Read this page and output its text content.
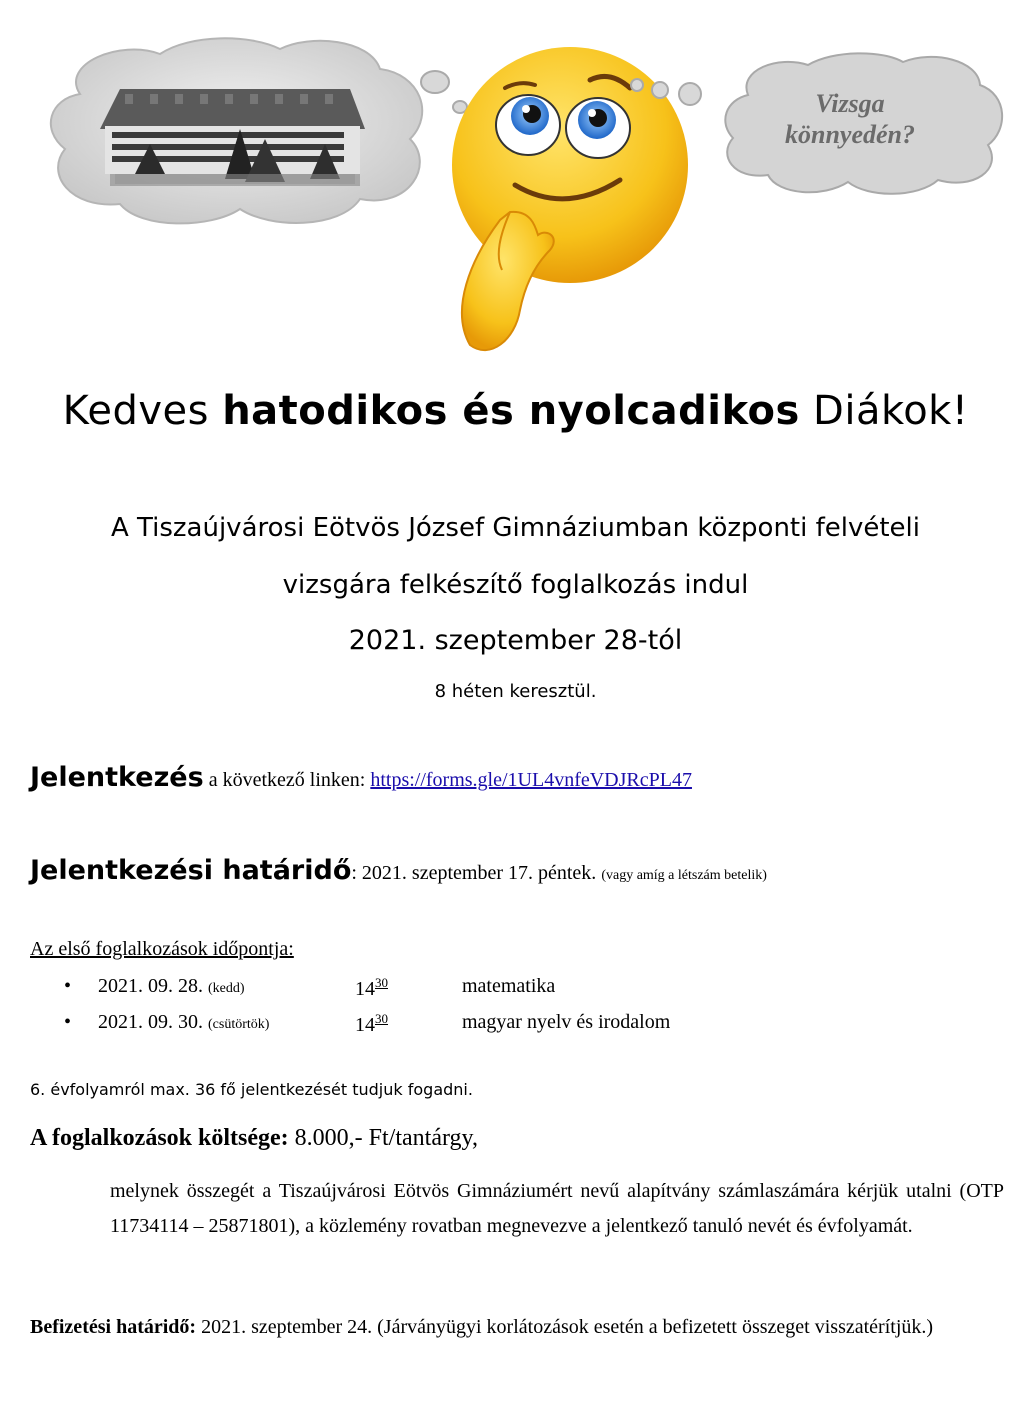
Vizsga
könnyedén?
Kedves hatodikos és nyolcadikos Diákok!
A Tiszaújvárosi Eötvös József Gimnáziumban központi felvételi
vizsgára felkészítő foglalkozás indul
2021. szeptember 28-tól
8 héten keresztül.
Jelentkezés a következő linken: https://forms.gle/1UL4vnfeVDJRcPL47
Jelentkezési határidő: 2021. szeptember 17. péntek. (vagy amíg a létszám betelik)
Az első foglalkozások időpontja:
• 2021. 09. 28. (kedd)	$14^{30}$	matematika
• 2021. 09. 30. (csütörtök)	$14^{30}$	magyar nyelv és irodalom
6. évfolyamról max. 36 fő jelentkezését tudjuk fogadni.
A foglalkozások költsége: 8.000,- Ft/tantárgy,
melynek összegét a Tiszaújvárosi Eötvös Gimnáziumért nevű alapítvány számlaszámára kérjük utalni (OTP 11734114 – 25871801), a közlemény rovatban megnevezve a jelentkező tanuló nevét és évfolyamát.
Befizetési határidő: 2021. szeptember 24. (Járványügyi korlátozások esetén a befizetett összeget visszatérítjük.)
